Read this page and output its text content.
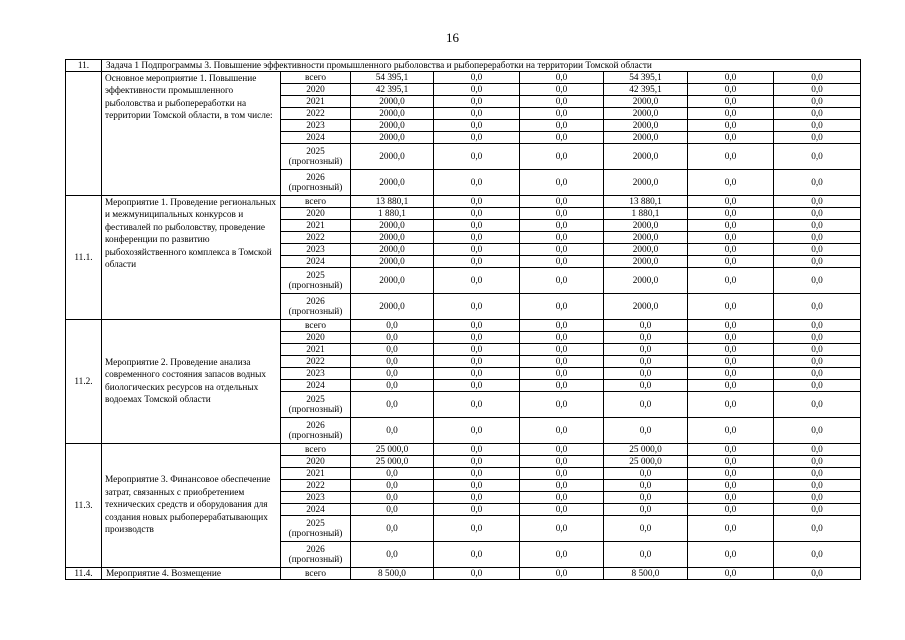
16
11.	Задача 1 Подпрограммы 3. Повышение эффективности промышленного рыболовства и рыбопереработки на территории Томской области							
	Основное мероприятие 1. Повышение эффективности промышленного рыболовства и рыбопереработки на территории Томской области, в том числе:	всего	54 395,1	0,0	0,0	54 395,1	0,0	0,0
		2020	42 395,1	0,0	0,0	42 395,1	0,0	0,0
		2021	2000,0	0,0	0,0	2000,0	0,0	0,0
		2022	2000,0	0,0	0,0	2000,0	0,0	0,0
		2023	2000,0	0,0	0,0	2000,0	0,0	0,0
		2024	2000,0	0,0	0,0	2000,0	0,0	0,0
		2025 (прогнозный)	2000,0	0,0	0,0	2000,0	0,0	0,0
		2026 (прогнозный)	2000,0	0,0	0,0	2000,0	0,0	0,0
11.1.	Мероприятие 1. Проведение региональных и межмуниципальных конкурсов и фестивалей по рыболовству, проведение конференции по развитию рыбохозяйственного комплекса в Томской области	всего	13 880,1	0,0	0,0	13 880,1	0,0	0,0
		2020	1 880,1	0,0	0,0	1 880,1	0,0	0,0
		2021	2000,0	0,0	0,0	2000,0	0,0	0,0
		2022	2000,0	0,0	0,0	2000,0	0,0	0,0
		2023	2000,0	0,0	0,0	2000,0	0,0	0,0
		2024	2000,0	0,0	0,0	2000,0	0,0	0,0
		2025 (прогнозный)	2000,0	0,0	0,0	2000,0	0,0	0,0
		2026 (прогнозный)	2000,0	0,0	0,0	2000,0	0,0	0,0
11.2.	Мероприятие 2. Проведение анализа современного состояния запасов водных биологических ресурсов на отдельных водоемах Томской области	всего	0,0	0,0	0,0	0,0	0,0	0,0
		2020	0,0	0,0	0,0	0,0	0,0	0,0
		2021	0,0	0,0	0,0	0,0	0,0	0,0
		2022	0,0	0,0	0,0	0,0	0,0	0,0
		2023	0,0	0,0	0,0	0,0	0,0	0,0
		2024	0,0	0,0	0,0	0,0	0,0	0,0
		2025 (прогнозный)	0,0	0,0	0,0	0,0	0,0	0,0
		2026 (прогнозный)	0,0	0,0	0,0	0,0	0,0	0,0
11.3.	Мероприятие 3. Финансовое обеспечение затрат, связанных с приобретением технических средств и оборудования для создания новых рыбоперерабатывающих производств	всего	25 000,0	0,0	0,0	25 000,0	0,0	0,0
		2020	25 000,0	0,0	0,0	25 000,0	0,0	0,0
		2021	0,0	0,0	0,0	0,0	0,0	0,0
		2022	0,0	0,0	0,0	0,0	0,0	0,0
		2023	0,0	0,0	0,0	0,0	0,0	0,0
		2024	0,0	0,0	0,0	0,0	0,0	0,0
		2025 (прогнозный)	0,0	0,0	0,0	0,0	0,0	0,0
		2026 (прогнозный)	0,0	0,0	0,0	0,0	0,0	0,0
11.4.	Мероприятие 4. Возмещение	всего	8 500,0	0,0	0,0	8 500,0	0,0	0,0
